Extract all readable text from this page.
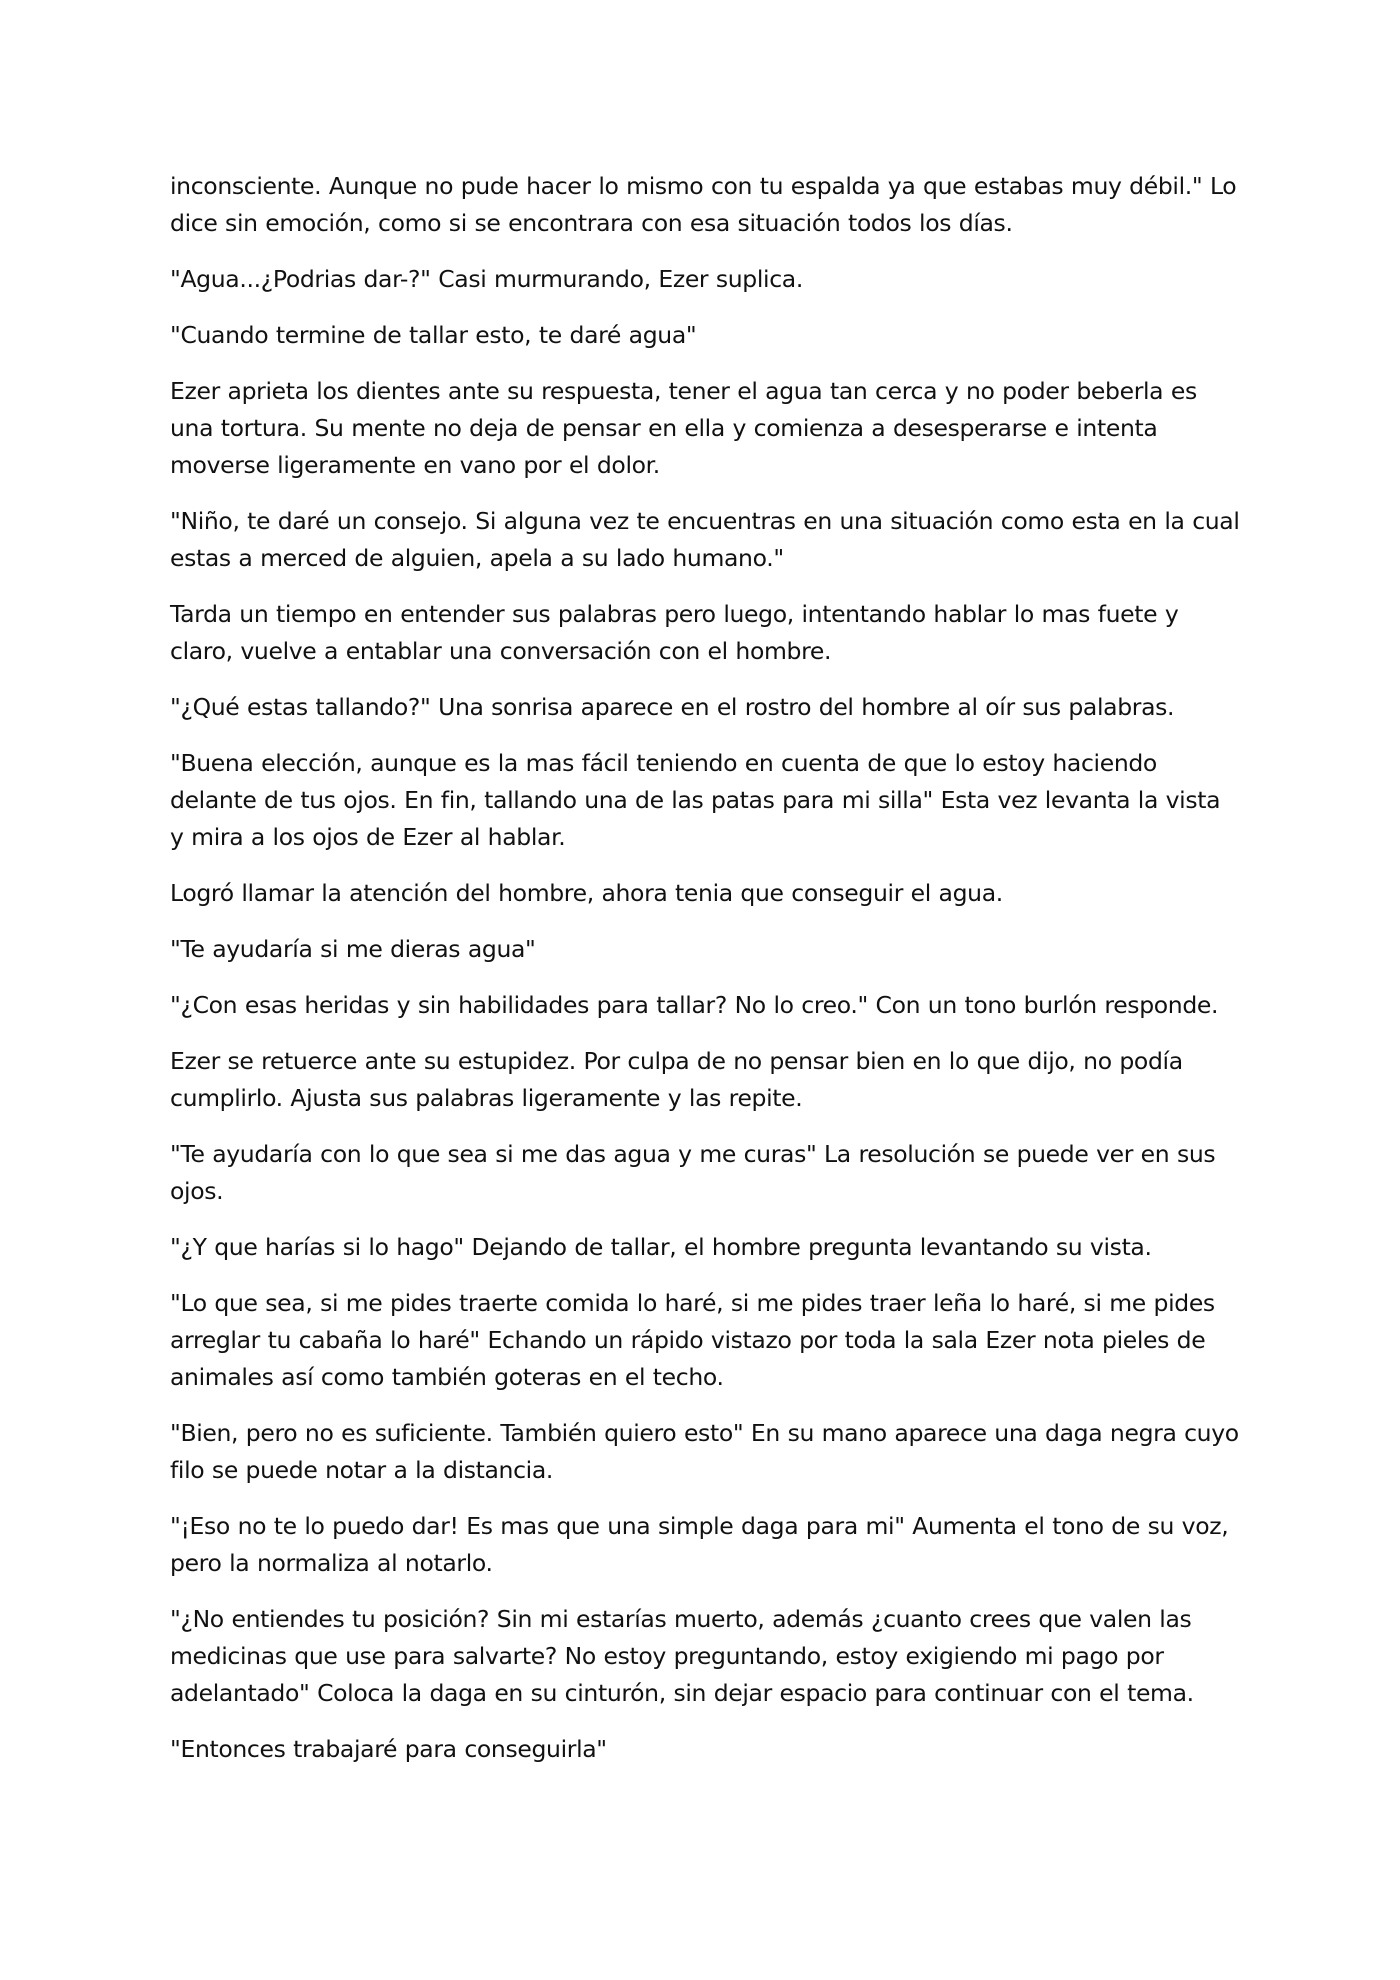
inconsciente. Aunque no pude hacer lo mismo con tu espalda ya que estabas muy débil." Lo dice sin emoción, como si se encontrara con esa situación todos los días.

"Agua...¿Podrias dar-?" Casi murmurando, Ezer suplica.

"Cuando termine de tallar esto, te daré agua"

Ezer aprieta los dientes ante su respuesta, tener el agua tan cerca y no poder beberla es una tortura. Su mente no deja de pensar en ella y comienza a desesperarse e intenta moverse ligeramente en vano por el dolor.

"Niño, te daré un consejo. Si alguna vez te encuentras en una situación como esta en la cual estas a merced de alguien, apela a su lado humano."

Tarda un tiempo en entender sus palabras pero luego, intentando hablar lo mas fuete y claro, vuelve a entablar una conversación con el hombre.

"¿Qué estas tallando?" Una sonrisa aparece en el rostro del hombre al oír sus palabras.

"Buena elección, aunque es la mas fácil teniendo en cuenta de que lo estoy haciendo delante de tus ojos. En fin, tallando una de las patas para mi silla" Esta vez levanta la vista y mira a los ojos de Ezer al hablar.

Logró llamar la atención del hombre, ahora tenia que conseguir el agua.

"Te ayudaría si me dieras agua"

"¿Con esas heridas y sin habilidades para tallar? No lo creo." Con un tono burlón responde.

Ezer se retuerce ante su estupidez. Por culpa de no pensar bien en lo que dijo, no podía cumplirlo. Ajusta sus palabras ligeramente y las repite.

"Te ayudaría con lo que sea si me das agua y me curas" La resolución se puede ver en sus ojos.

"¿Y que harías si lo hago" Dejando de tallar, el hombre pregunta levantando su vista.

"Lo que sea, si me pides traerte comida lo haré, si me pides traer leña lo haré, si me pides arreglar tu cabaña lo haré" Echando un rápido vistazo por toda la sala Ezer nota pieles de animales así como también goteras en el techo.

"Bien, pero no es suficiente. También quiero esto" En su mano aparece una daga negra cuyo filo se puede notar a la distancia.

"¡Eso no te lo puedo dar! Es mas que una simple daga para mi" Aumenta el tono de su voz, pero la normaliza al notarlo.

"¿No entiendes tu posición? Sin mi estarías muerto, además ¿cuanto crees que valen las medicinas que use para salvarte? No estoy preguntando, estoy exigiendo mi pago por adelantado" Coloca la daga en su cinturón, sin dejar espacio para continuar con el tema.

"Entonces trabajaré para conseguirla"
